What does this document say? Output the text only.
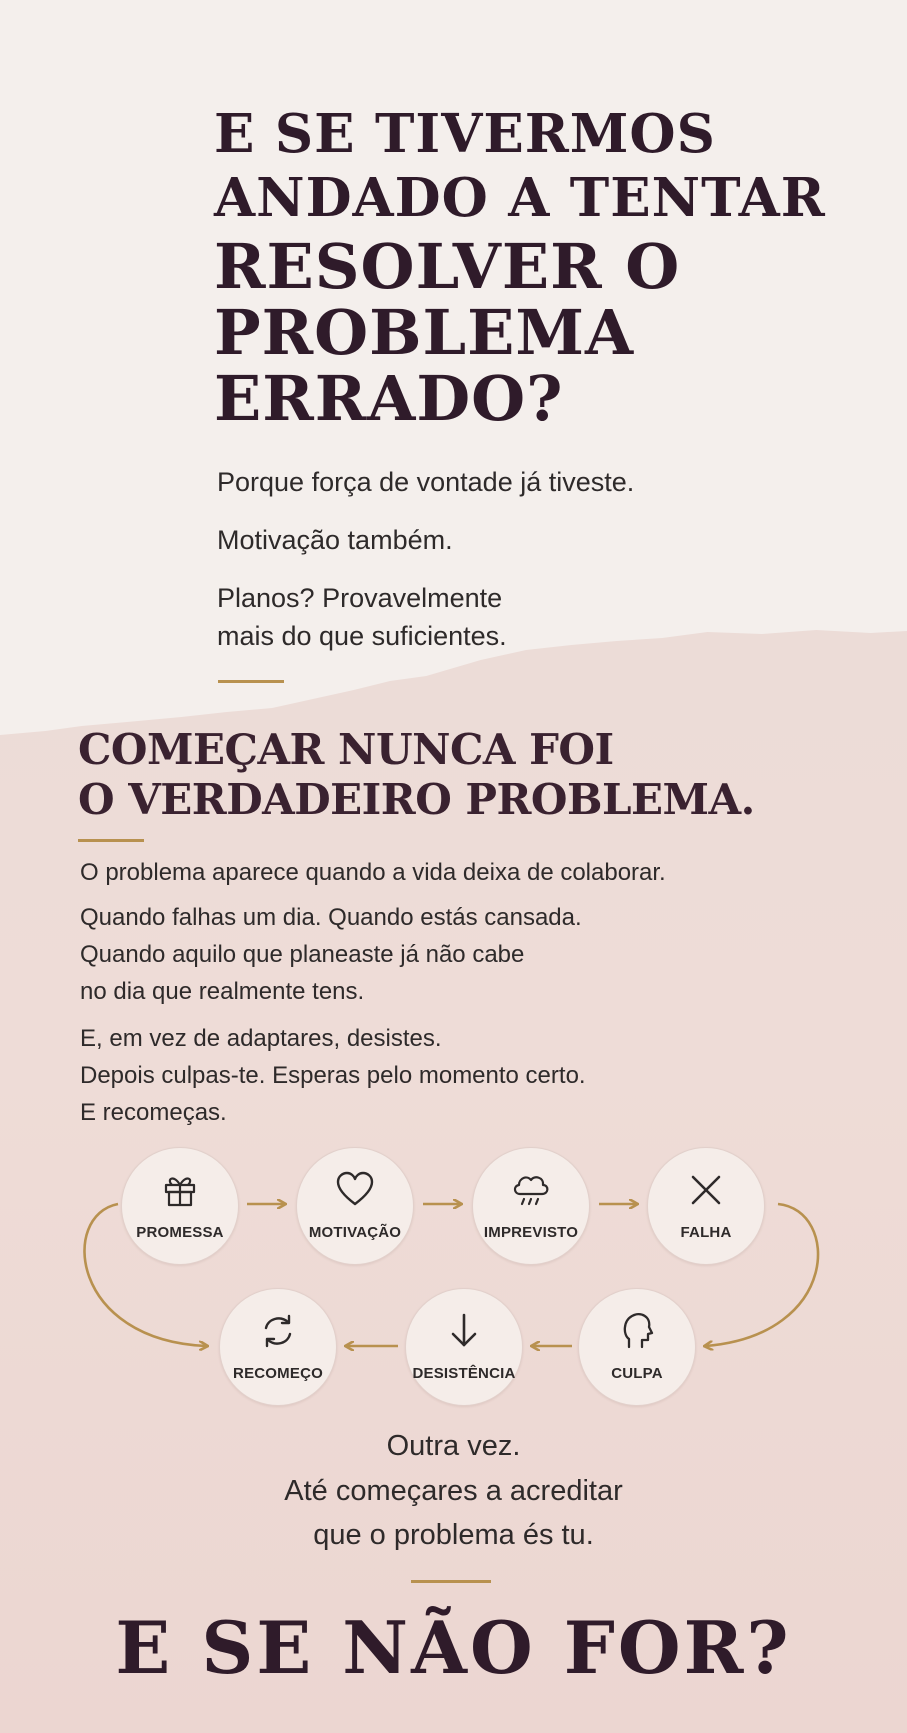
E SE TIVERMOS
ANDADO A TENTAR
RESOLVER O
PROBLEMA
ERRADO?

Porque força de vontade já tiveste.

Motivação também.

Planos? Provavelmente

mais do que suficientes.

COMEÇAR NUNCA FOI
O VERDADEIRO PROBLEMA.

O problema aparece quando a vida deixa de colaborar.

Quando falhas um dia. Quando estás cansada.

Quando aquilo que planeaste já não cabe

no dia que realmente tens.

E, em vez de adaptares, desistes.

Depois culpas-te. Esperas pelo momento certo.

E recomeças.

PROMESSA	MOTIVAÇÃO	IMPREVISTO	FALHA
CULPA
DESISTÊNCIA
RECOMEÇO

Outra vez.

Até começares a acreditar

que o problema és tu.

E SE NÃO FOR?
